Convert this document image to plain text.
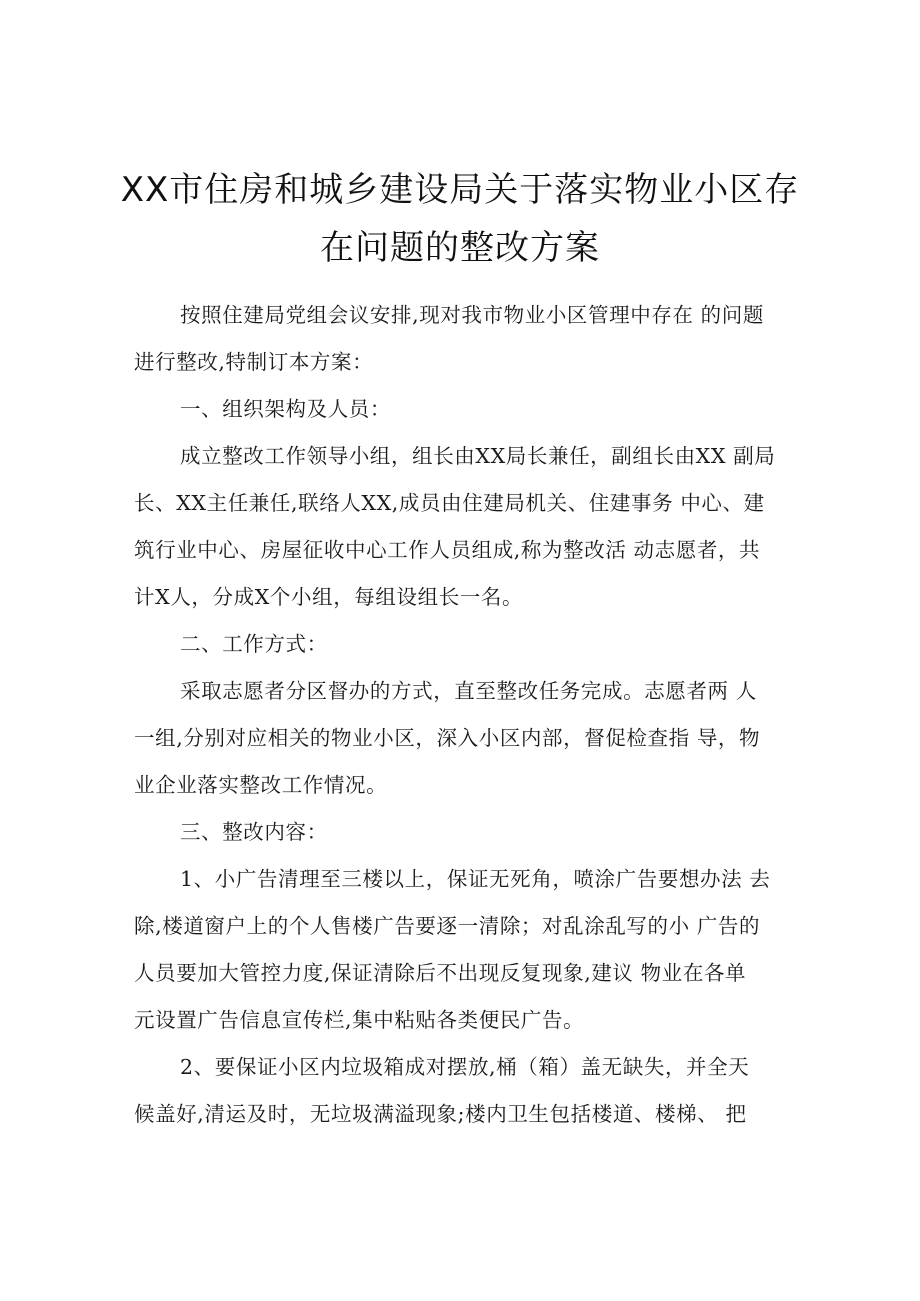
XX市住房和城乡建设局关于落实物业小区存
在问题的整改方案
按照住建局党组会议安排,现对我市物业小区管理中存在 的问题
进行整改,特制订本方案：
一、组织架构及人员：
成立整改工作领导小组，组长由XX局长兼任，副组长由XX 副局
长、XX主任兼任,联络人XX,成员由住建局机关、住建事务 中心、建
筑行业中心、房屋征收中心工作人员组成,称为整改活 动志愿者，共
计X人，分成X个小组，每组设组长一名。
二、工作方式：
采取志愿者分区督办的方式，直至整改任务完成。志愿者两 人
一组,分别对应相关的物业小区，深入小区内部，督促检查指 导，物
业企业落实整改工作情况。
三、整改内容：
1、小广告清理至三楼以上，保证无死角，喷涂广告要想办法 去
除,楼道窗户上的个人售楼广告要逐一清除；对乱涂乱写的小 广告的
人员要加大管控力度,保证清除后不出现反复现象,建议 物业在各单
元设置广告信息宣传栏,集中粘贴各类便民广告。
2、要保证小区内垃圾箱成对摆放,桶（箱）盖无缺失，并全天
候盖好,清运及时，无垃圾满溢现象;楼内卫生包括楼道、楼梯、 把
